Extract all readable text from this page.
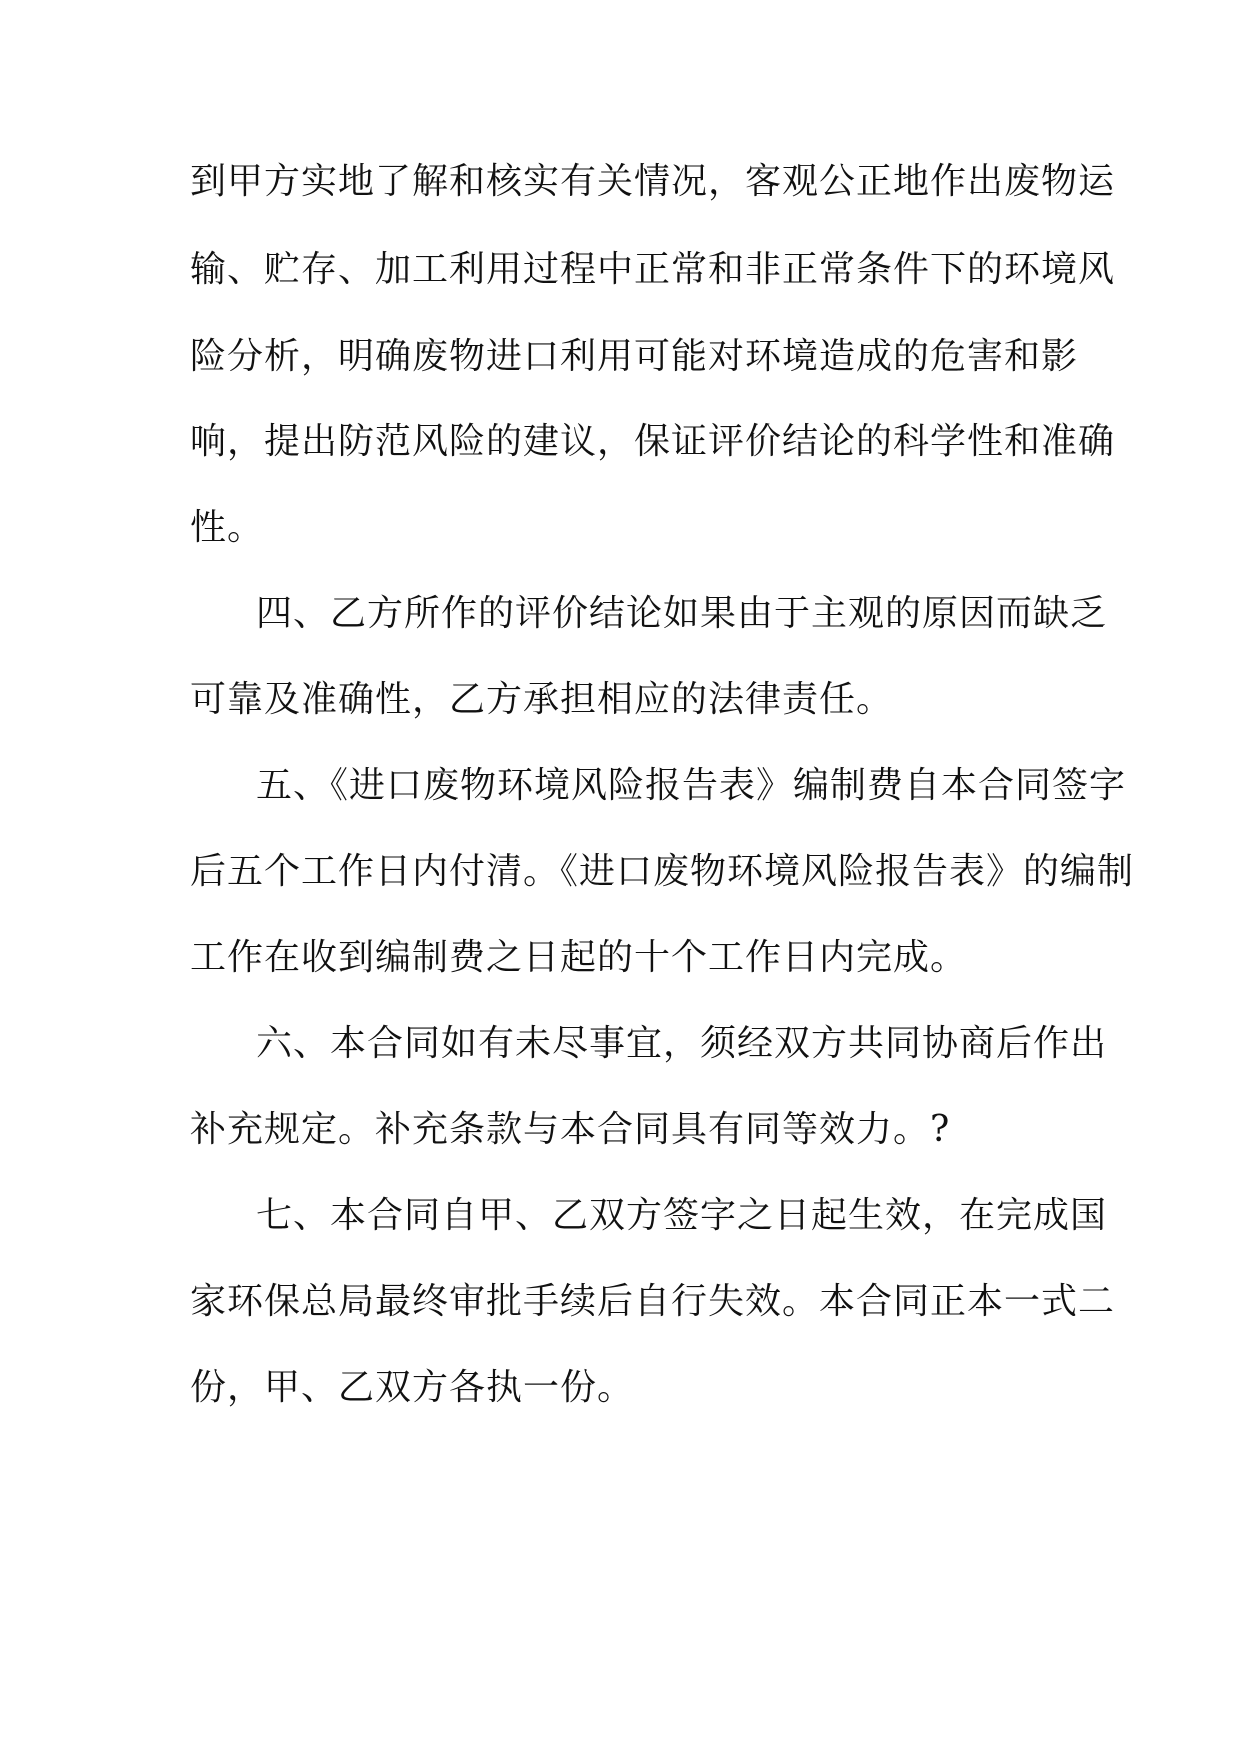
到甲方实地了解和核实有关情况，客观公正地作出废物运
输、贮存、加工利用过程中正常和非正常条件下的环境风
险分析，明确废物进口利用可能对环境造成的危害和影
响，提出防范风险的建议，保证评价结论的科学性和准确
性。
四、乙方所作的评价结论如果由于主观的原因而缺乏
可靠及准确性，乙方承担相应的法律责任。
五、《进口废物环境风险报告表》编制费自本合同签字
后五个工作日内付清。《进口废物环境风险报告表》的编制
工作在收到编制费之日起的十个工作日内完成。
六、本合同如有未尽事宜，须经双方共同协商后作出
补充规定。补充条款与本合同具有同等效力。?
七、本合同自甲、乙双方签字之日起生效，在完成国
家环保总局最终审批手续后自行失效。本合同正本一式二
份，甲、乙双方各执一份。
